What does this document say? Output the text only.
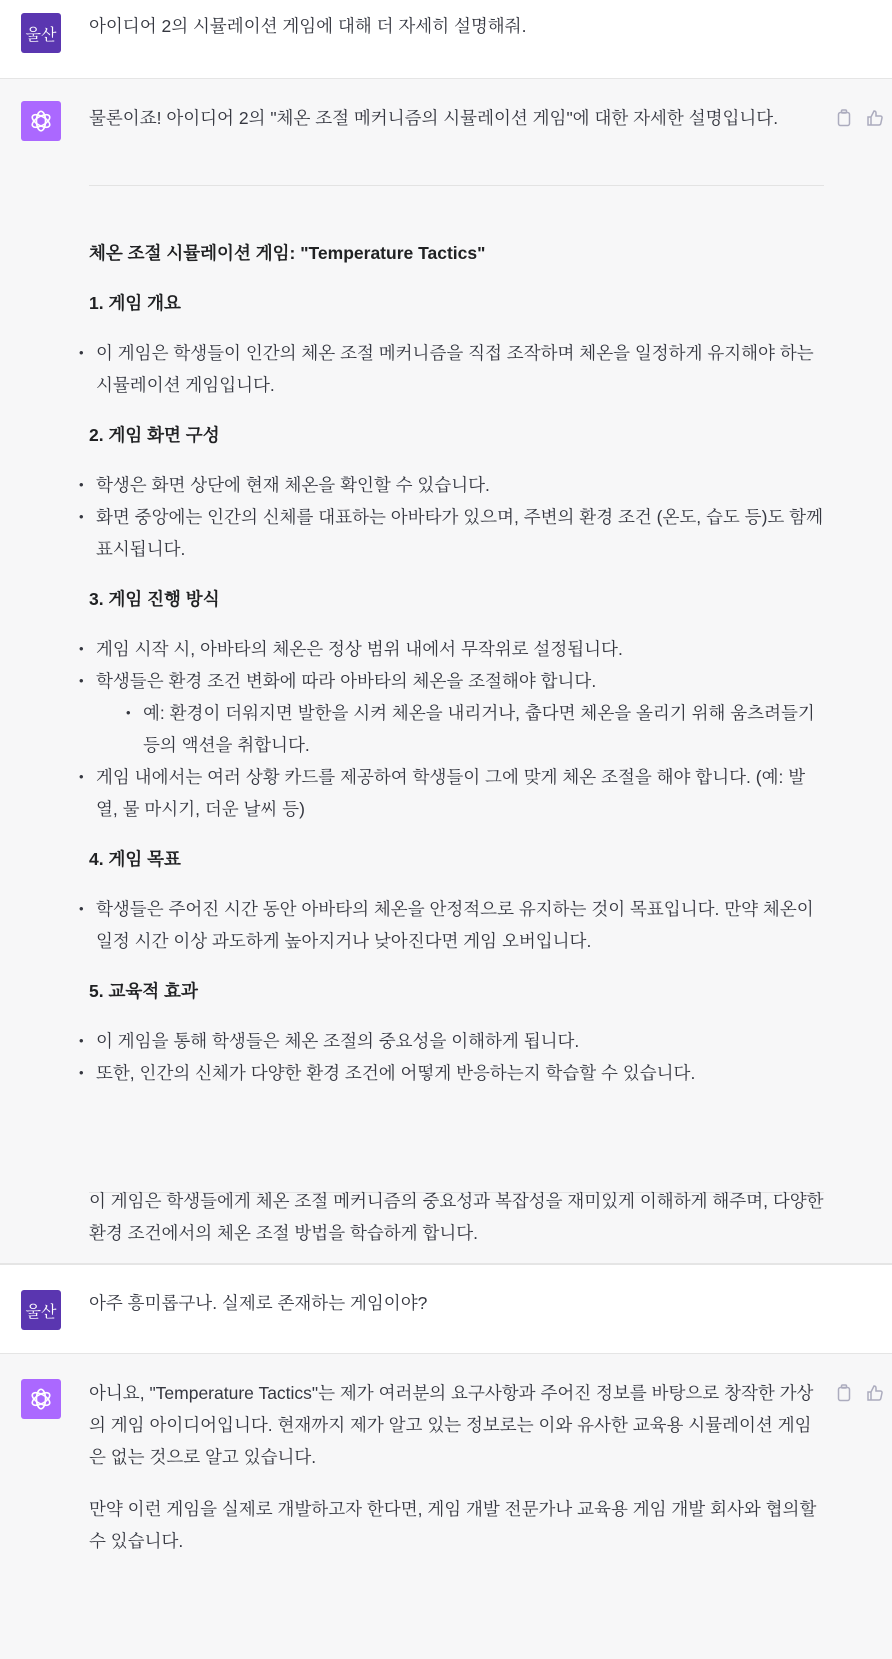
울산 아이디어 2의 시뮬레이션 게임에 대해 더 자세히 설명해줘.

물론이죠! 아이디어 2의 "체온 조절 메커니즘의 시뮬레이션 게임"에 대한 자세한 설명입니다.

체온 조절 시뮬레이션 게임: "Temperature Tactics"

1. 게임 개요

• 이 게임은 학생들이 인간의 체온 조절 메커니즘을 직접 조작하며 체온을 일정하게 유지해야 하는 시뮬레이션 게임입니다.

2. 게임 화면 구성

• 학생은 화면 상단에 현재 체온을 확인할 수 있습니다.
• 화면 중앙에는 인간의 신체를 대표하는 아바타가 있으며, 주변의 환경 조건 (온도, 습도 등)도 함께 표시됩니다.

3. 게임 진행 방식

• 게임 시작 시, 아바타의 체온은 정상 범위 내에서 무작위로 설정됩니다.
• 학생들은 환경 조건 변화에 따라 아바타의 체온을 조절해야 합니다.
• 예: 환경이 더워지면 발한을 시켜 체온을 내리거나, 춥다면 체온을 올리기 위해 움츠려들기 등의 액션을 취합니다.
• 게임 내에서는 여러 상황 카드를 제공하여 학생들이 그에 맞게 체온 조절을 해야 합니다. (예: 발열, 물 마시기, 더운 날씨 등)

4. 게임 목표

• 학생들은 주어진 시간 동안 아바타의 체온을 안정적으로 유지하는 것이 목표입니다. 만약 체온이 일정 시간 이상 과도하게 높아지거나 낮아진다면 게임 오버입니다.

5. 교육적 효과

• 이 게임을 통해 학생들은 체온 조절의 중요성을 이해하게 됩니다.
• 또한, 인간의 신체가 다양한 환경 조건에 어떻게 반응하는지 학습할 수 있습니다.

이 게임은 학생들에게 체온 조절 메커니즘의 중요성과 복잡성을 재미있게 이해하게 해주며, 다양한 환경 조건에서의 체온 조절 방법을 학습하게 합니다.

울산 아주 흥미롭구나. 실제로 존재하는 게임이야?

아니요, "Temperature Tactics"는 제가 여러분의 요구사항과 주어진 정보를 바탕으로 창작한 가상의 게임 아이디어입니다. 현재까지 제가 알고 있는 정보로는 이와 유사한 교육용 시뮬레이션 게임은 없는 것으로 알고 있습니다.

만약 이런 게임을 실제로 개발하고자 한다면, 게임 개발 전문가나 교육용 게임 개발 회사와 협의할 수 있습니다.
